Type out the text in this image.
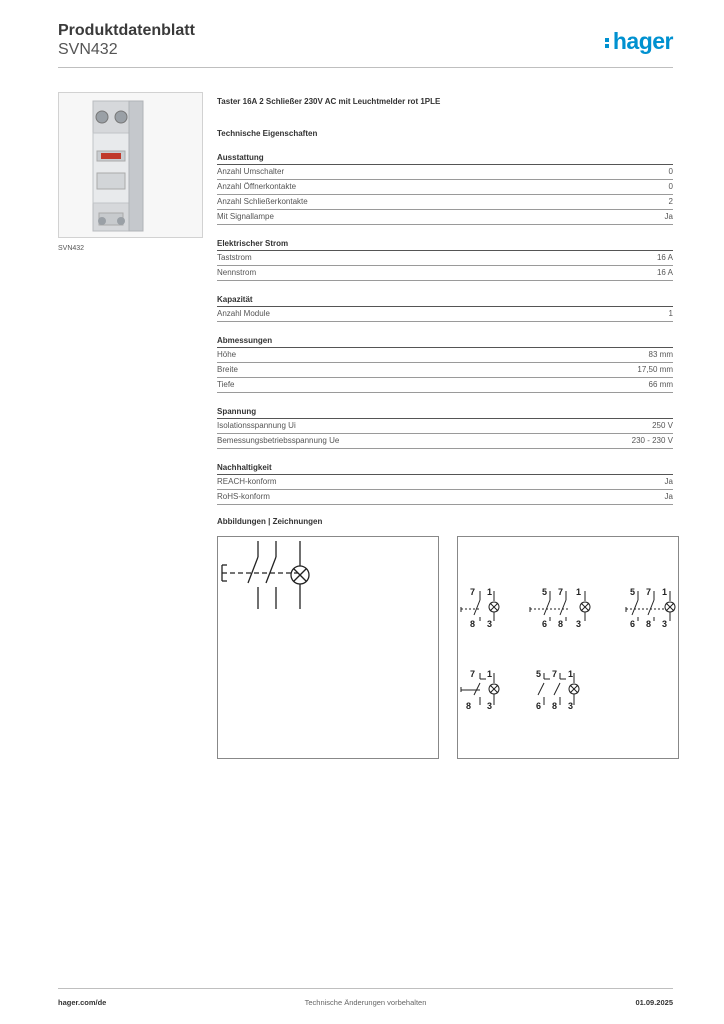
Produktdatenblatt
SVN432	hager
SVN432
Taster 16A 2 Schließer 230V AC mit Leuchtmelder rot 1PLE
Technische Eigenschaften
Ausstattung
Anzahl Umschalter	0
Anzahl Öffnerkontakte	0
Anzahl Schließerkontakte	2
Mit Signallampe	Ja
Elektrischer Strom
Taststrom	16 A
Nennstrom	16 A
Kapazität
Anzahl Module	1
Abmessungen
Höhe	83 mm
Breite	17,50 mm
Tiefe	66 mm
Spannung
Isolationsspannung Ui	250 V
Bemessungsbetriebsspannung Ue	230 - 230 V
Nachhaltigkeit
REACH-konform	Ja
RoHS-konform	Ja
Abbildungen | Zeichnungen
7 1
8 3
5 7 1
6 8 3
5 7 1
6 8 3
7 1
8 3
5 7 1
6 8 3
hager.com/de	Technische Änderungen vorbehalten	01.09.2025
